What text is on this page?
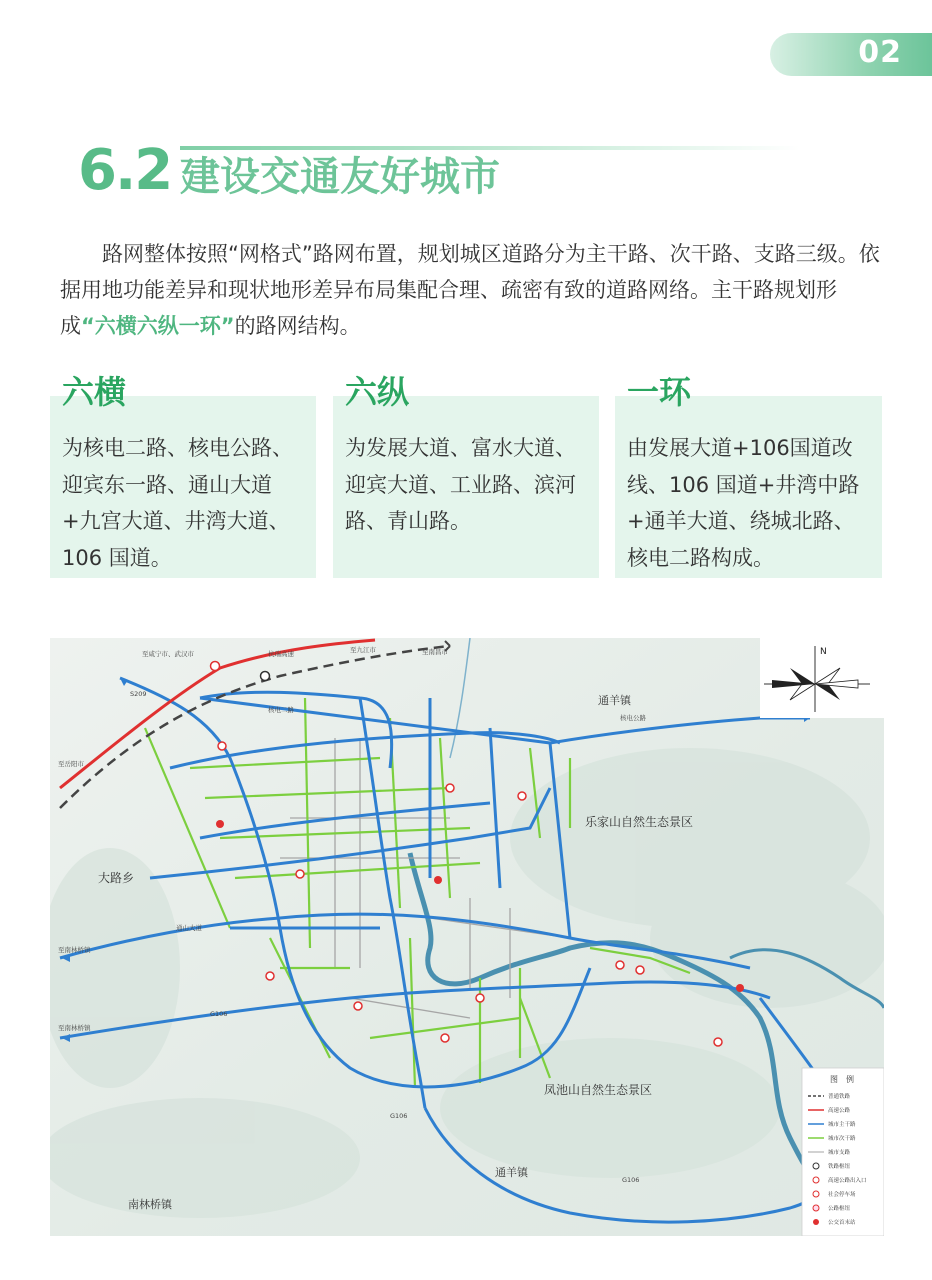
02
6.2 建设交通友好城市
路网整体按照“网格式”路网布置，规划城区道路分为主干路、次干路、支路三级。依据用地功能差异和现状地形差异布局集配合理、疏密有致的道路网络。主干路规划形成“六横六纵一环”的路网结构。
六横
为核电二路、核电公路、迎宾东一路、通山大道+九宫大道、井湾大道、106 国道。
六纵
为发展大道、富水大道、迎宾大道、工业路、滨河路、青山路。
一环
由发展大道+106国道改线、106 国道+井湾中路+通羊大道、绕城北路、核电二路构成。
通羊镇
乐家山自然生态景区
大路乡
凤池山自然生态景区
通羊镇
南林桥镇
至咸宁市、武汉市	杭瑞高速	至九江市	至南昌市
至岳阳市
至南林桥镇
至南林桥镇
通山大道
核电公路
核电二路
G106
G106
G106
S209
N
图　例
普通铁路
高速公路
城市主干路
城市次干路
城市支路
铁路枢纽
高速公路出入口
社会停车场
公路枢纽
公交首末站
